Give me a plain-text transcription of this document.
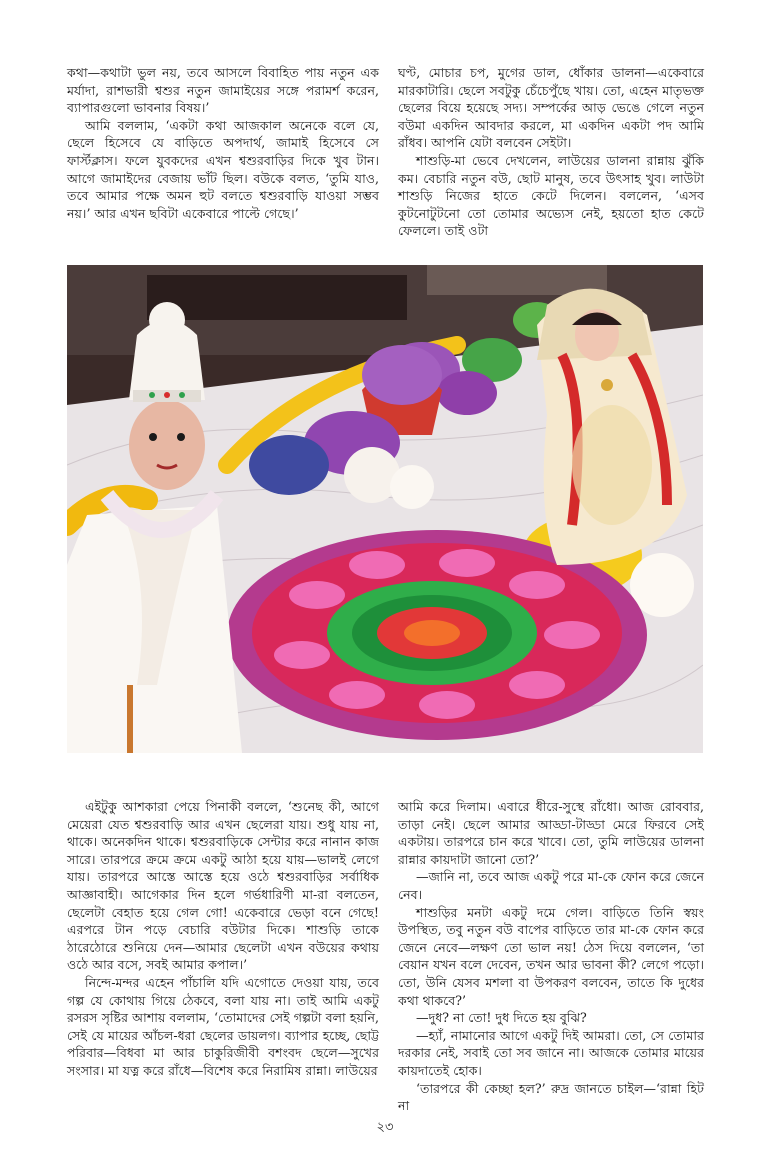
কথা—কথাটা ভুল নয়, তবে আসলে বিবাহিত পায় নতুন এক মর্যাদা, রাশভারী শ্বশুর নতুন জামাইয়ের সঙ্গে পরামর্শ করেন, ব্যাপারগুলো ভাবনার বিষয়।’

আমি বললাম, ‘একটা কথা আজকাল অনেকে বলে যে, ছেলে হিসেবে যে বাড়িতে অপদার্থ, জামাই হিসেবে সে ফার্স্টক্লাস। ফলে যুবকদের এখন শ্বশুরবাড়ির দিকে খুব টান। আগে জামাইদের বেজায় ভাঁট ছিল। বউকে বলত, ‘তুমি যাও, তবে আমার পক্ষে অমন হুট বলতে শ্বশুরবাড়ি যাওয়া সম্ভব নয়।’ আর এখন ছবিটা একেবারে পাল্টে গেছে।’

ঘণ্ট, মোচার চপ, মুগের ডাল, ধোঁকার ডালনা—একেবারে মারকাটারি। ছেলে সবটুকু চেঁচেপুঁছে খায়। তো, এহেন মাতৃভক্ত ছেলের বিয়ে হয়েছে সদ্য। সম্পর্কের আড় ভেঙে গেলে নতুন বউমা একদিন আবদার করলে, মা একদিন একটা পদ আমি রাঁধব। আপনি যেটা বলবেন সেইটা।

শাশুড়ি-মা ভেবে দেখলেন, লাউয়ের ডালনা রান্নায় ঝুঁকি কম। বেচারি নতুন বউ, ছোট মানুষ, তবে উৎসাহ খুব। লাউটা শাশুড়ি নিজের হাতে কেটে দিলেন। বললেন, ‘এসব কুটনোটুটনো তো তোমার অভ্যেস নেই, হয়তো হাত কেটে ফেললে। তাই ওটা

এইটুকু আশকারা পেয়ে পিনাকী বললে, ‘শুনেছ কী, আগে মেয়েরা যেত শ্বশুরবাড়ি আর এখন ছেলেরা যায়। শুধু যায় না, থাকে। অনেকদিন থাকে। শ্বশুরবাড়িকে সেন্টার করে নানান কাজ সারে। তারপরে ক্রমে ক্রমে একটু আঠা হয়ে যায়—ভালই লেগে যায়। তারপরে আস্তে আস্তে হয়ে ওঠে শ্বশুরবাড়ির সর্বাধিক আজ্ঞাবাহী। আগেকার দিন হলে গর্ভধারিণী মা-রা বলতেন, ছেলেটা বেহাত হয়ে গেল গো! একেবারে ভেড়া বনে গেছে! এরপরে টান পড়ে বেচারি বউটার দিকে। শাশুড়ি তাকে ঠারেঠোরে শুনিয়ে দেন—আমার ছেলেটা এখন বউয়ের কথায় ওঠে আর বসে, সবই আমার কপাল।’

নিন্দে-মন্দর এহেন পাঁচালি যদি এগোতে দেওয়া যায়, তবে গল্প যে কোথায় গিয়ে ঠেকবে, বলা যায় না। তাই আমি একটু রসরস সৃষ্টির আশায় বললাম, ‘তোমাদের সেই গল্পটা বলা হয়নি, সেই যে মায়ের আঁচল-ধরা ছেলের ডায়লগ। ব্যাপার হচ্ছে, ছোট্ট পরিবার—বিধবা মা আর চাকুরিজীবী বশংবদ ছেলে—সুখের সংসার। মা যত্ন করে রাঁধে—বিশেষ করে নিরামিষ রান্না। লাউয়ের

আমি করে দিলাম। এবারে ধীরে-সুস্থে রাঁধো। আজ রোববার, তাড়া নেই। ছেলে আমার আড্ডা-টাড্ডা মেরে ফিরবে সেই একটায়। তারপরে চান করে খাবে। তো, তুমি লাউয়ের ডালনা রান্নার কায়দাটা জানো তো?’

—জানি না, তবে আজ একটু পরে মা-কে ফোন করে জেনে নেব।

শাশুড়ির মনটা একটু দমে গেল। বাড়িতে তিনি স্বয়ং উপস্থিত, তবু নতুন বউ বাপের বাড়িতে তার মা-কে ফোন করে জেনে নেবে—লক্ষণ তো ভাল নয়! ঠেস দিয়ে বললেন, ‘তা বেয়ান যখন বলে দেবেন, তখন আর ভাবনা কী? লেগে পড়ো। তো, উনি যেসব মশলা বা উপকরণ বলবেন, তাতে কি দুধের কথা থাকবে?’

—দুধ? না তো! দুধ দিতে হয় বুঝি?

—হ্যাঁ, নামানোর আগে একটু দিই আমরা। তো, সে তোমার দরকার নেই, সবাই তো সব জানে না। আজকে তোমার মায়ের কায়দাতেই হোক।

‘তারপরে কী কেচ্ছা হল?’ রুদ্র জানতে চাইল—‘রান্না হিট না

২৩
